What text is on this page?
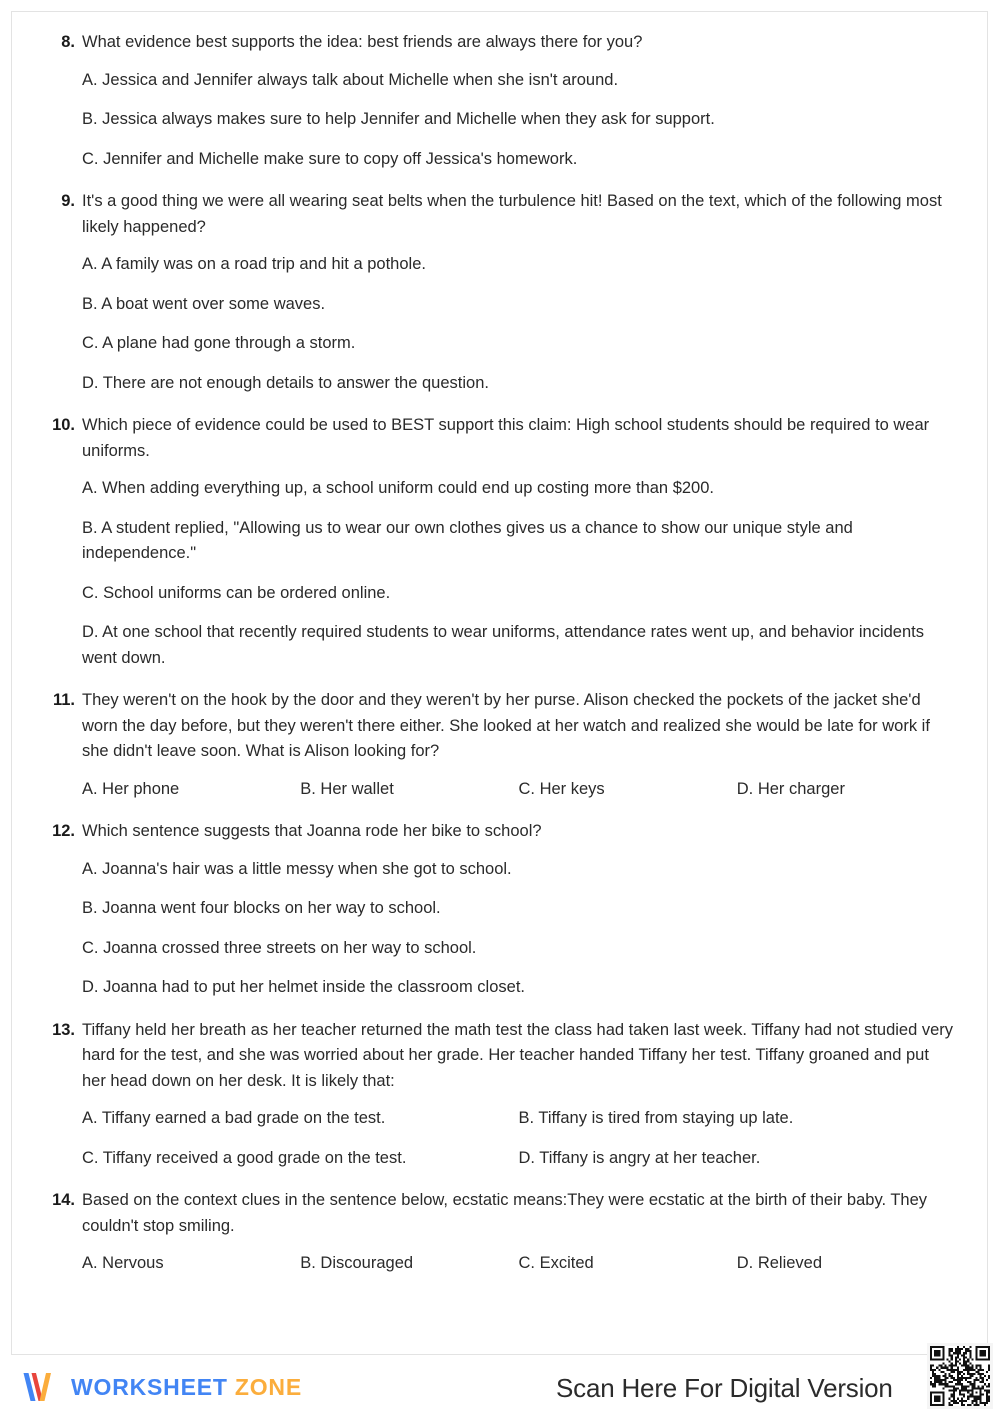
8. What evidence best supports the idea: best friends are always there for you?
A. Jessica and Jennifer always talk about Michelle when she isn't around.
B. Jessica always makes sure to help Jennifer and Michelle when they ask for support.
C. Jennifer and Michelle make sure to copy off Jessica's homework.
9. It's a good thing we were all wearing seat belts when the turbulence hit! Based on the text, which of the following most likely happened?
A. A family was on a road trip and hit a pothole.
B. A boat went over some waves.
C. A plane had gone through a storm.
D. There are not enough details to answer the question.
10. Which piece of evidence could be used to BEST support this claim: High school students should be required to wear uniforms.
A. When adding everything up, a school uniform could end up costing more than $200.
B. A student replied, "Allowing us to wear our own clothes gives us a chance to show our unique style and independence."
C. School uniforms can be ordered online.
D. At one school that recently required students to wear uniforms, attendance rates went up, and behavior incidents went down.
11. They weren't on the hook by the door and they weren't by her purse. Alison checked the pockets of the jacket she'd worn the day before, but they weren't there either. She looked at her watch and realized she would be late for work if she didn't leave soon. What is Alison looking for?
A. Her phone	B. Her wallet	C. Her keys	D. Her charger
12. Which sentence suggests that Joanna rode her bike to school?
A. Joanna's hair was a little messy when she got to school.
B. Joanna went four blocks on her way to school.
C. Joanna crossed three streets on her way to school.
D. Joanna had to put her helmet inside the classroom closet.
13. Tiffany held her breath as her teacher returned the math test the class had taken last week. Tiffany had not studied very hard for the test, and she was worried about her grade. Her teacher handed Tiffany her test. Tiffany groaned and put her head down on her desk. It is likely that:
A. Tiffany earned a bad grade on the test.	B. Tiffany is tired from staying up late.
C. Tiffany received a good grade on the test.	D. Tiffany is angry at her teacher.
14. Based on the context clues in the sentence below, ecstatic means:They were ecstatic at the birth of their baby. They couldn't stop smiling.
A. Nervous	B. Discouraged	C. Excited	D. Relieved
WORKSHEET ZONE	Scan Here For Digital Version
